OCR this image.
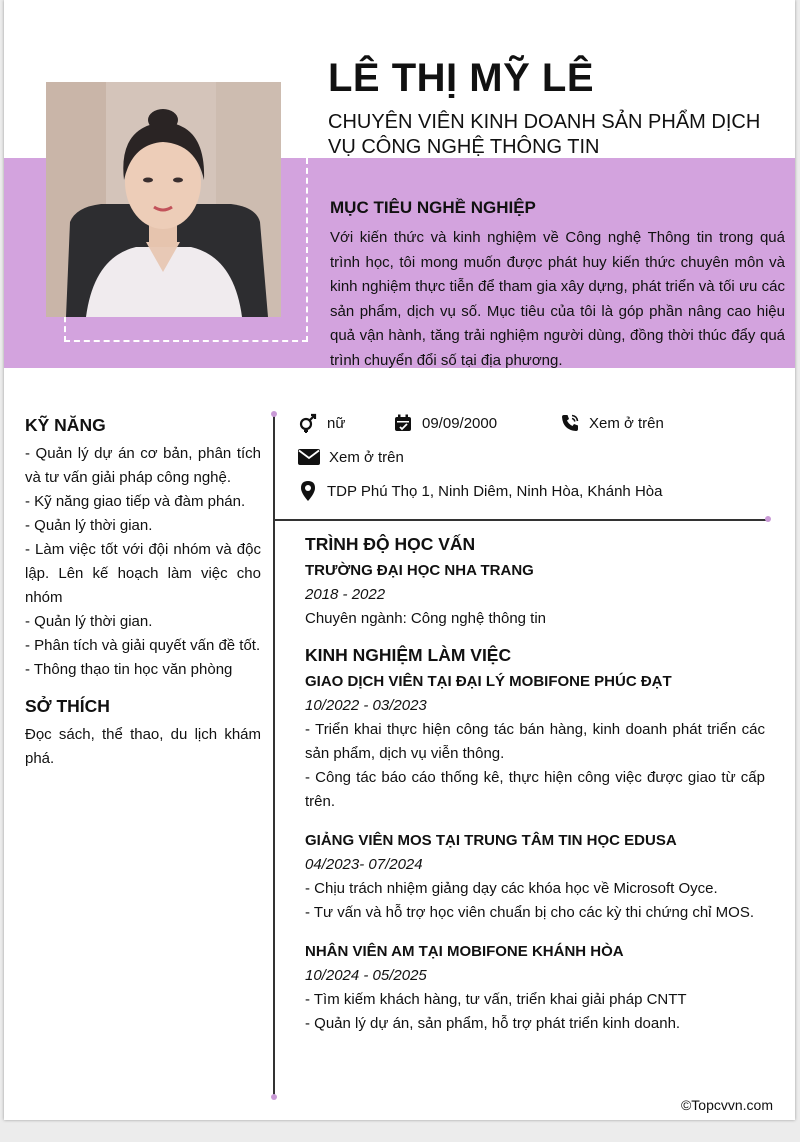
LÊ THỊ MỸ LÊ

CHUYÊN VIÊN KINH DOANH SẢN PHẨM DỊCH VỤ CÔNG NGHỆ THÔNG TIN

MỤC TIÊU NGHỀ NGHIỆP

Với kiến thức và kinh nghiệm về Công nghệ Thông tin trong quá trình học, tôi mong muốn được phát huy kiến thức chuyên môn và kinh nghiệm thực tiễn để tham gia xây dựng, phát triển và tối ưu các sản phẩm, dịch vụ số. Mục tiêu của tôi là góp phần nâng cao hiệu quả vận hành, tăng trải nghiệm người dùng, đồng thời thúc đẩy quá trình chuyển đổi số tại địa phương.

KỸ NĂNG

- Quản lý dự án cơ bản, phân tích và tư vấn giải pháp công nghệ.

- Kỹ năng giao tiếp và đàm phán.

- Quản lý thời gian.

- Làm việc tốt với đội nhóm và độc lập. Lên kế hoạch làm việc cho nhóm

- Quản lý thời gian.

- Phân tích và giải quyết vấn đề tốt.

- Thông thạo tin học văn phòng

SỞ THÍCH

Đọc sách, thể thao, du lịch khám phá.

nữ	09/09/2000	Xem ở trên
Xem ở trên
TDP Phú Thọ 1, Ninh Diêm, Ninh Hòa, Khánh Hòa
TRÌNH ĐỘ HỌC VẤN

TRƯỜNG ĐẠI HỌC NHA TRANG

2018 - 2022

Chuyên ngành: Công nghệ thông tin

KINH NGHIỆM LÀM VIỆC

GIAO DỊCH VIÊN TẠI ĐẠI LÝ MOBIFONE PHÚC ĐẠT

10/2022 - 03/2023

- Triển khai thực hiện công tác bán hàng, kinh doanh phát triển các sản phẩm, dịch vụ viễn thông.

- Công tác báo cáo thống kê, thực hiện công việc được giao từ cấp trên.

GIẢNG VIÊN MOS TẠI TRUNG TÂM TIN HỌC EDUSA

04/2023- 07/2024

- Chịu trách nhiệm giảng dạy các khóa học về Microsoft Oyce.

- Tư vấn và hỗ trợ học viên chuẩn bị cho các kỳ thi chứng chỉ MOS.

NHÂN VIÊN AM TẠI MOBIFONE KHÁNH HÒA

10/2024 - 05/2025

- Tìm kiếm khách hàng, tư vấn, triển khai giải pháp CNTT

- Quản lý dự án, sản phẩm, hỗ trợ phát triển kinh doanh.

©Topcvvn.com
